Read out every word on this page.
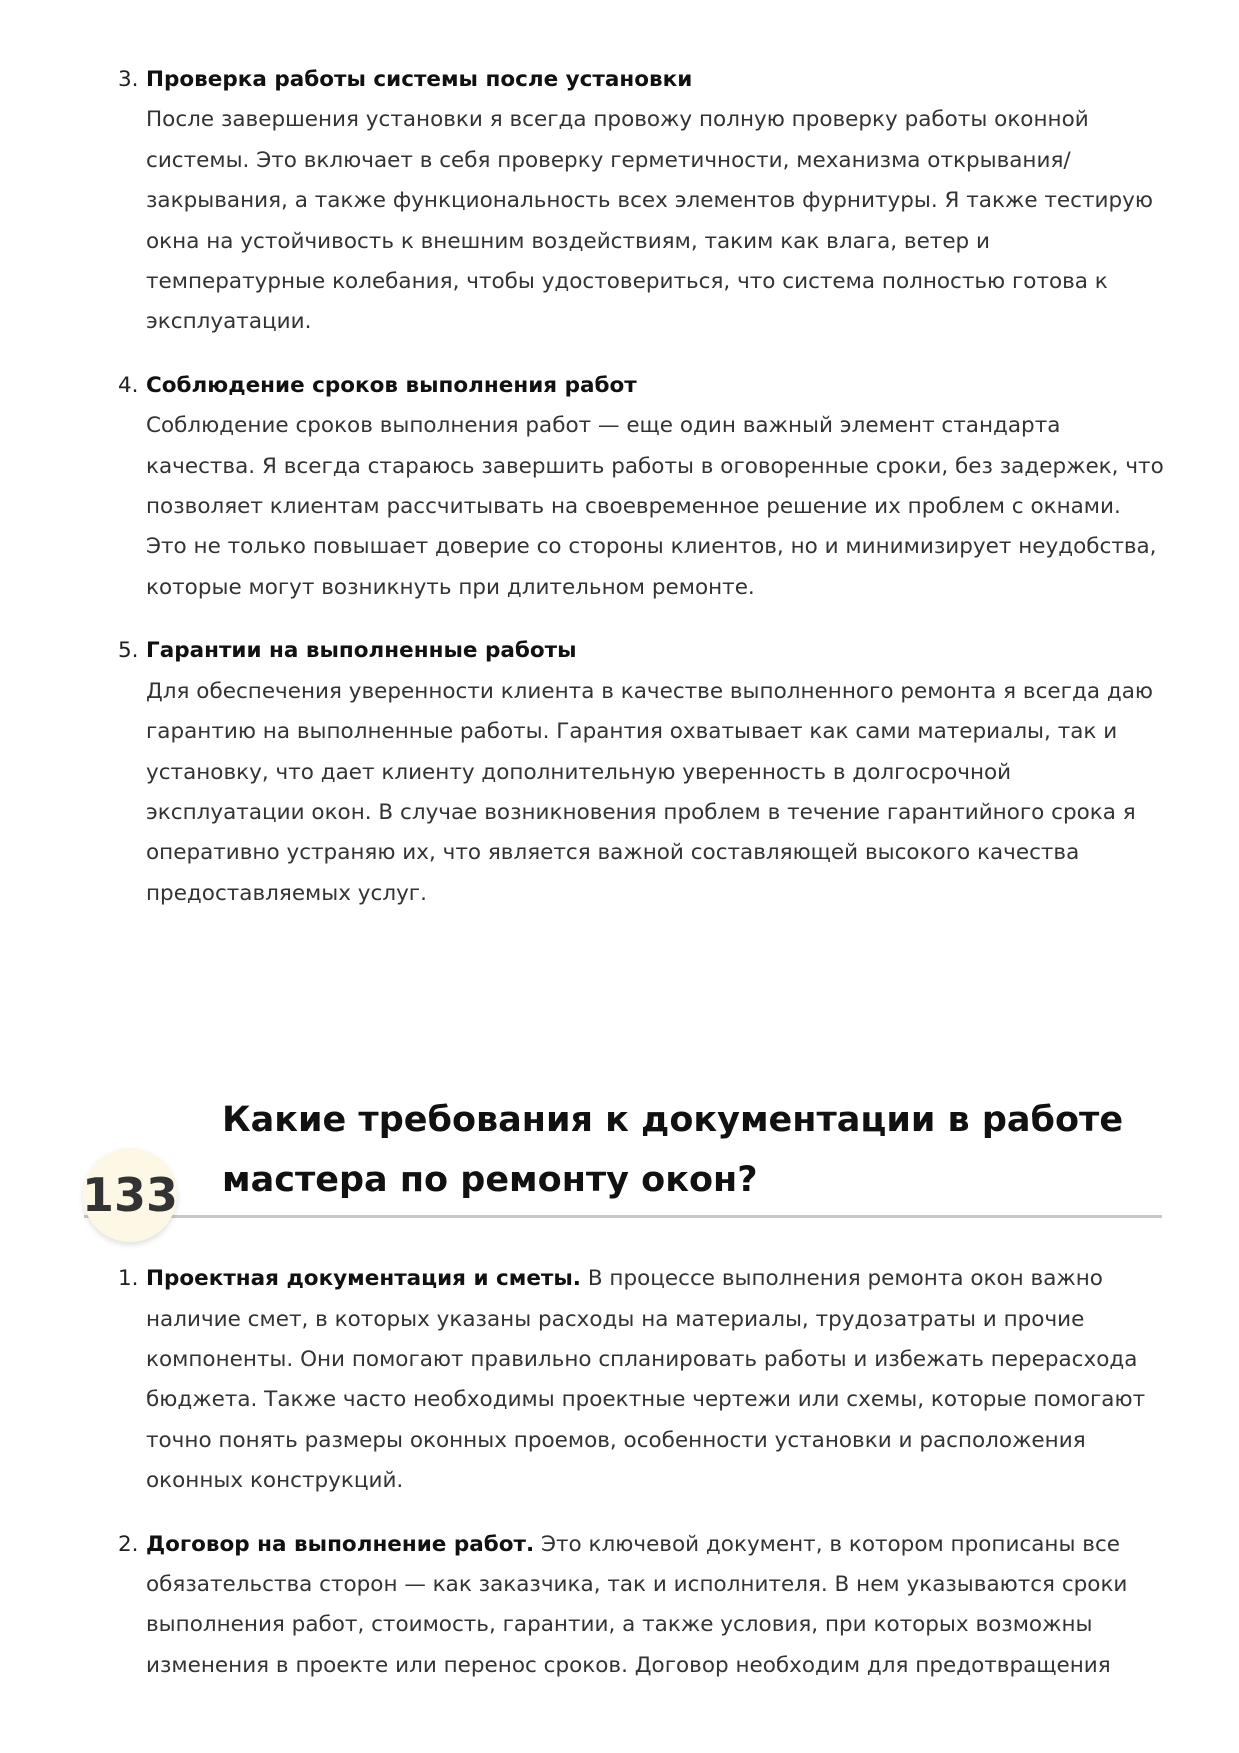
3. Проверка работы системы после установки
После завершения установки я всегда провожу полную проверку работы оконной системы. Это включает в себя проверку герметичности, механизма открывания/закрывания, а также функциональность всех элементов фурнитуры. Я также тестирую окна на устойчивость к внешним воздействиям, таким как влага, ветер и температурные колебания, чтобы удостовериться, что система полностью готова к эксплуатации.
4. Соблюдение сроков выполнения работ
Соблюдение сроков выполнения работ — еще один важный элемент стандарта качества. Я всегда стараюсь завершить работы в оговоренные сроки, без задержек, что позволяет клиентам рассчитывать на своевременное решение их проблем с окнами. Это не только повышает доверие со стороны клиентов, но и минимизирует неудобства, которые могут возникнуть при длительном ремонте.
5. Гарантии на выполненные работы
Для обеспечения уверенности клиента в качестве выполненного ремонта я всегда даю гарантию на выполненные работы. Гарантия охватывает как сами материалы, так и установку, что дает клиенту дополнительную уверенность в долгосрочной эксплуатации окон. В случае возникновения проблем в течение гарантийного срока я оперативно устраняю их, что является важной составляющей высокого качества предоставляемых услуг.
133
Какие требования к документации в работе мастера по ремонту окон?
1. Проектная документация и сметы. В процессе выполнения ремонта окон важно наличие смет, в которых указаны расходы на материалы, трудозатраты и прочие компоненты. Они помогают правильно спланировать работы и избежать перерасхода бюджета. Также часто необходимы проектные чертежи или схемы, которые помогают точно понять размеры оконных проемов, особенности установки и расположения оконных конструкций.
2. Договор на выполнение работ. Это ключевой документ, в котором прописаны все обязательства сторон — как заказчика, так и исполнителя. В нем указываются сроки выполнения работ, стоимость, гарантии, а также условия, при которых возможны изменения в проекте или перенос сроков. Договор необходим для предотвращения
